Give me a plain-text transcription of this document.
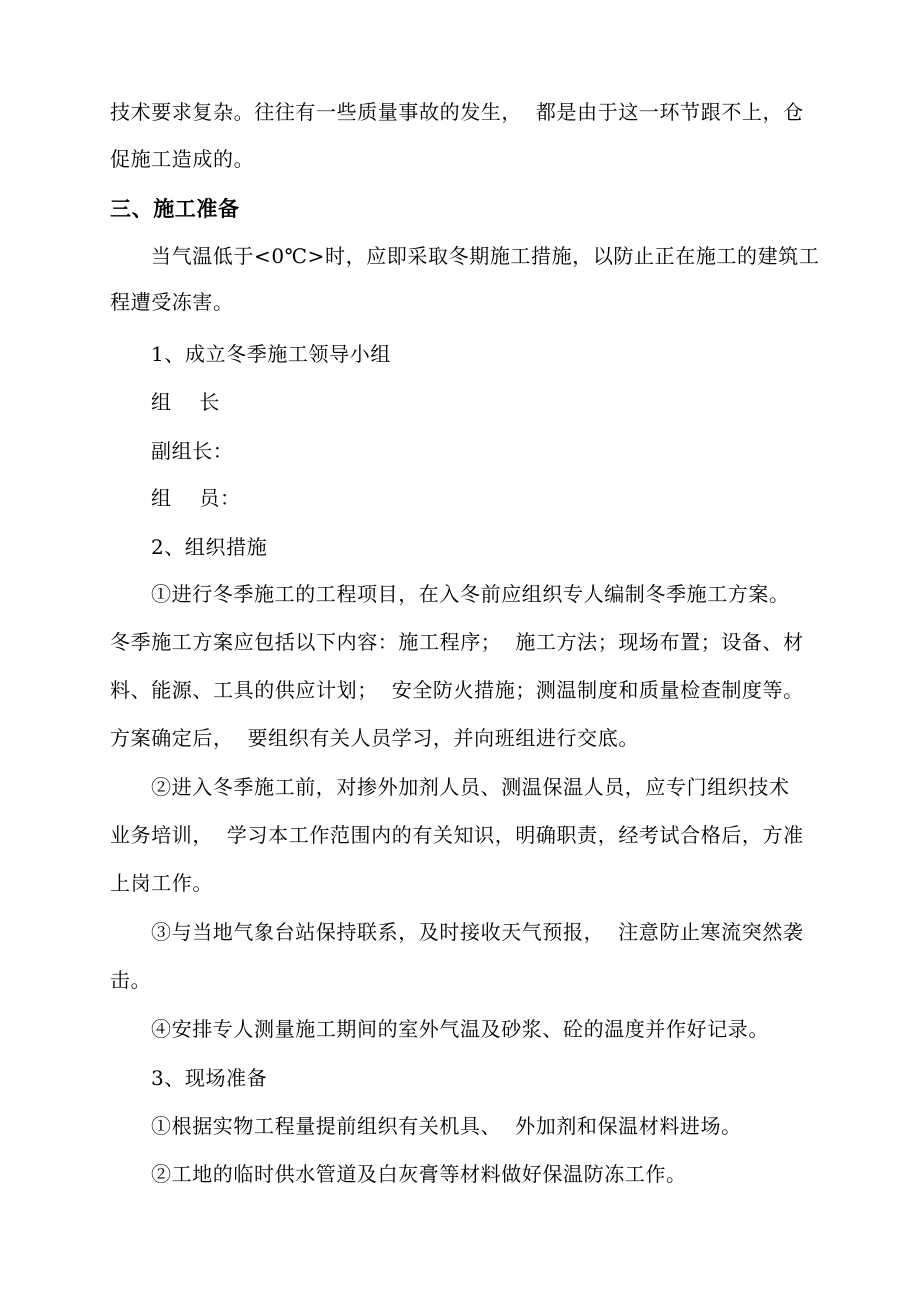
技术要求复杂。往往有一些质量事故的发生，  都是由于这一环节跟不上，仓
促施工造成的。
三、施工准备
当气温低于<0℃>时，应即采取冬期施工措施，以防止正在施工的建筑工
程遭受冻害。
1、成立冬季施工领导小组
组    长
副组长：
组    员：
2、组织措施
①进行冬季施工的工程项目，在入冬前应组织专人编制冬季施工方案。
冬季施工方案应包括以下内容：施工程序；  施工方法；现场布置；设备、材
料、能源、工具的供应计划；  安全防火措施；测温制度和质量检查制度等。
方案确定后，  要组织有关人员学习，并向班组进行交底。
②进入冬季施工前，对掺外加剂人员、测温保温人员，应专门组织技术
业务培训，  学习本工作范围内的有关知识，明确职责，经考试合格后，方准
上岗工作。
③与当地气象台站保持联系，及时接收天气预报，  注意防止寒流突然袭
击。
④安排专人测量施工期间的室外气温及砂浆、砼的温度并作好记录。
3、现场准备
①根据实物工程量提前组织有关机具、  外加剂和保温材料进场。
②工地的临时供水管道及白灰膏等材料做好保温防冻工作。
